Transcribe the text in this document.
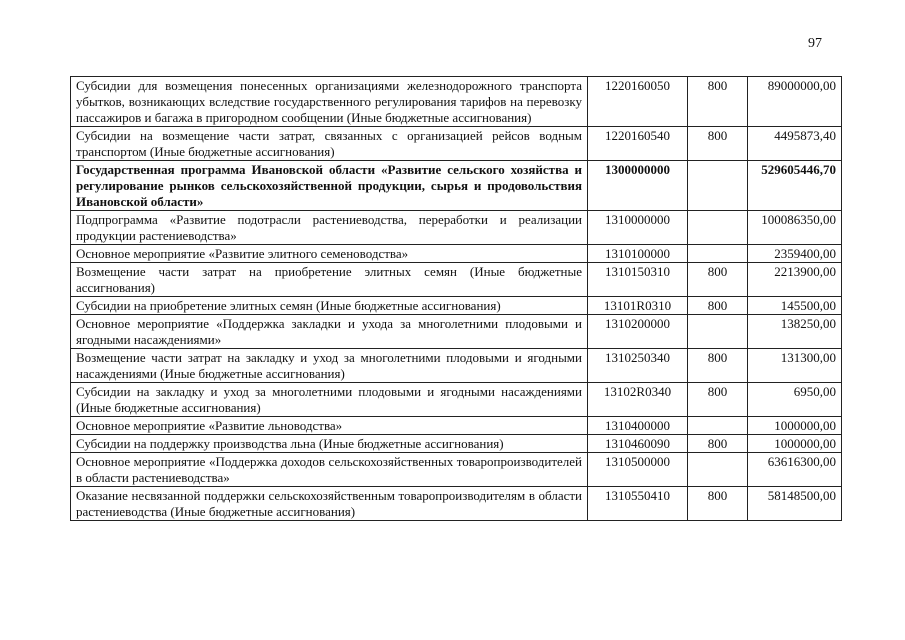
97
Субсидии для возмещения понесенных организациями железнодорожного транспорта убытков, возникающих вследствие государственного регулирования тарифов на перевозку пассажиров и багажа в пригородном сообщении (Иные бюджетные ассигнования)	1220160050	800	89000000,00
Субсидии на возмещение части затрат, связанных с организацией рейсов водным транспортом (Иные бюджетные ассигнования)	1220160540	800	4495873,40
Государственная программа Ивановской области «Развитие сельского хозяйства и регулирование рынков сельскохозяйственной продукции, сырья и продовольствия Ивановской области»	1300000000		529605446,70
Подпрограмма «Развитие подотрасли растениеводства, переработки и реализации продукции растениеводства»	1310000000		100086350,00
Основное мероприятие «Развитие элитного семеноводства»	1310100000		2359400,00
Возмещение части затрат на приобретение элитных семян (Иные бюджетные ассигнования)	1310150310	800	2213900,00
Субсидии на приобретение элитных семян (Иные бюджетные ассигнования)	13101R0310	800	145500,00
Основное мероприятие «Поддержка закладки и ухода за многолетними плодовыми и ягодными насаждениями»	1310200000		138250,00
Возмещение части затрат на закладку и уход за многолетними плодовыми и ягодными насаждениями (Иные бюджетные ассигнования)	1310250340	800	131300,00
Субсидии на закладку и уход за многолетними плодовыми и ягодными насаждениями (Иные бюджетные ассигнования)	13102R0340	800	6950,00
Основное мероприятие «Развитие льноводства»	1310400000		1000000,00
Субсидии на поддержку производства льна (Иные бюджетные ассигнования)	1310460090	800	1000000,00
Основное мероприятие «Поддержка доходов сельскохозяйственных товаропроизводителей в области растениеводства»	1310500000		63616300,00
Оказание несвязанной поддержки сельскохозяйственным товаропроизводителям в области растениеводства (Иные бюджетные ассигнования)	1310550410	800	58148500,00
